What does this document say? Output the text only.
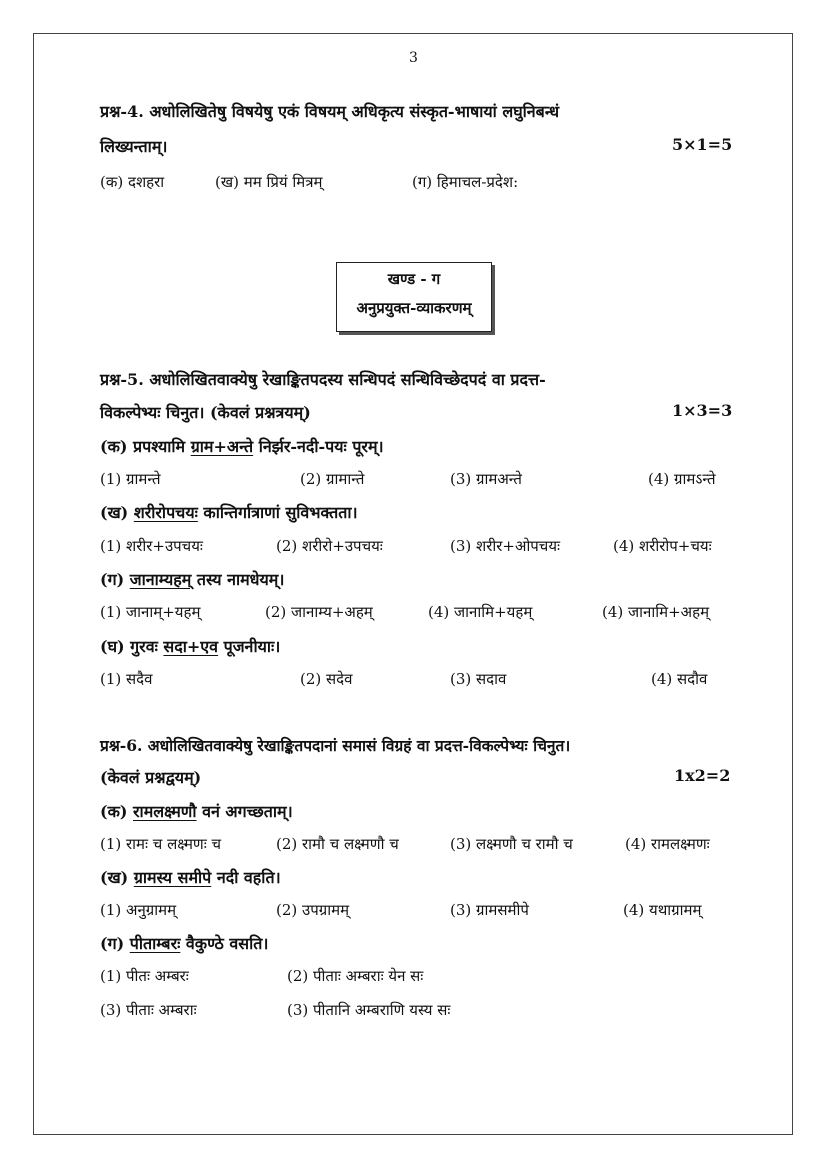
3
प्रश्न-4. अधोलिखितेषु विषयेषु एकं विषयम् अधिकृत्य संस्कृत-भाषायां लघुनिबन्धं
लिख्यन्ताम्।	5×1=5
(क) दशहरा	(ख) मम प्रियं मित्रम्	(ग) हिमाचल-प्रदेश:
खण्ड - ग
अनुप्रयुक्त-व्याकरणम्
प्रश्न-5. अधोलिखितवाक्येषु रेखाङ्कितपदस्य सन्धिपदं सन्धिविच्छेदपदं वा प्रदत्त-
विकल्पेभ्यः चिनुत। (केवलं प्रश्नत्रयम्)	1×3=3
(क) प्रपश्यामि ग्राम+अन्ते निर्झर-नदी-पयः पूरम्।
(1) ग्रामन्ते	(2) ग्रामान्ते	(3) ग्रामअन्ते	(4) ग्रामऽन्ते
(ख) शरीरोपचयः कान्तिर्गात्राणां सुविभक्तता।
(1) शरीर+उपचयः	(2) शरीरो+उपचयः	(3) शरीर+ओपचयः	(4) शरीरोप+चयः
(ग) जानाम्यहम् तस्य नामधेयम्।
(1) जानाम्+यहम्	(2) जानाम्य+अहम्	(4) जानामि+यहम्	(4) जानामि+अहम्
(घ) गुरवः सदा+एव पूजनीयाः।
(1) सदैव	(2) सदेव	(3) सदाव	(4) सदौव
प्रश्न-6. अधोलिखितवाक्येषु रेखाङ्कितपदानां समासं विग्रहं वा प्रदत्त-विकल्पेभ्यः चिनुत।
(केवलं प्रश्नद्वयम्)	1x2=2
(क) रामलक्ष्मणौ वनं अगच्छताम्।
(1) रामः च लक्ष्मणः च	(2) रामौ च लक्ष्मणौ च	(3) लक्ष्मणौ च रामौ च	(4) रामलक्ष्मणः
(ख) ग्रामस्य समीपे नदी वहति।
(1) अनुग्रामम्	(2) उपग्रामम्	(3) ग्रामसमीपे	(4) यथाग्रामम्
(ग) पीताम्बरः वैकुण्ठे वसति।
(1) पीतः अम्बरः	(2) पीताः अम्बराः येन सः
(3) पीताः अम्बराः	(3) पीतानि अम्बराणि यस्य सः
